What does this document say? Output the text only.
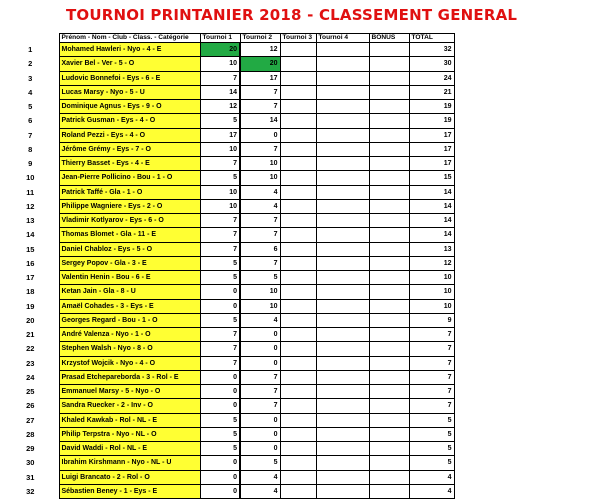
TOURNOI PRINTANIER 2018 - CLASSEMENT GENERAL
	Prénom - Nom - Club - Class. - Catégorie	Tournoi 1	Tournoi 2	Tournoi 3	Tournoi 4	BONUS	TOTAL
1	Mohamed Hawleri - Nyo - 4 - E	20	12				32
2	Xavier Bel - Ver - 5 - O	10	20				30
3	Ludovic Bonnefoi - Eys - 6 - E	7	17				24
4	Lucas Marsy - Nyo - 5 - U	14	7				21
5	Dominique Agnus - Eys - 9 - O	12	7				19
6	Patrick Gusman - Eys - 4 - O	5	14				19
7	Roland Pezzi - Eys - 4 - O	17	0				17
8	Jérôme Grémy - Eys - 7 - O	10	7				17
9	Thierry Basset - Eys - 4 - E	7	10				17
10	Jean-Pierre Pollicino - Bou - 1 - O	5	10				15
11	Patrick Taffé - Gla - 1 - O	10	4				14
12	Philippe Wagniere - Eys - 2 - O	10	4				14
13	Vladimir Kotlyarov - Eys - 6 - O	7	7				14
14	Thomas Blomet - Gla - 11 - E	7	7				14
15	Daniel Chabloz - Eys - 5 - O	7	6				13
16	Sergey Popov - Gla - 3 - E	5	7				12
17	Valentin Henin - Bou - 6 - E	5	5				10
18	Ketan Jain - Gla - 8 - U	0	10				10
19	Amaël Cohades - 3 - Eys - E	0	10				10
20	Georges Regard - Bou - 1 - O	5	4				9
21	André Valenza - Nyo - 1 - O	7	0				7
22	Stephen Walsh - Nyo - 8 - O	7	0				7
23	Krzystof Wojcik - Nyo - 4 - O	7	0				7
24	Prasad Etchepareborda - 3 - Rol - E	0	7				7
25	Emmanuel Marsy - 5 - Nyo - O	0	7				7
26	Sandra Ruecker - 2 - Inv - O	0	7				7
27	Khaled Kawkab - Rol - NL - E	5	0				5
28	Philip Terpstra - Nyo - NL - O	5	0				5
29	David Waddi - Rol - NL - E	5	0				5
30	Ibrahim Kirshmann - Nyo - NL - U	0	5				5
31	Luigi Brancato - 2 - Rol - O	0	4				4
32	Sébastien Beney - 1 - Eys - E	0	4				4
